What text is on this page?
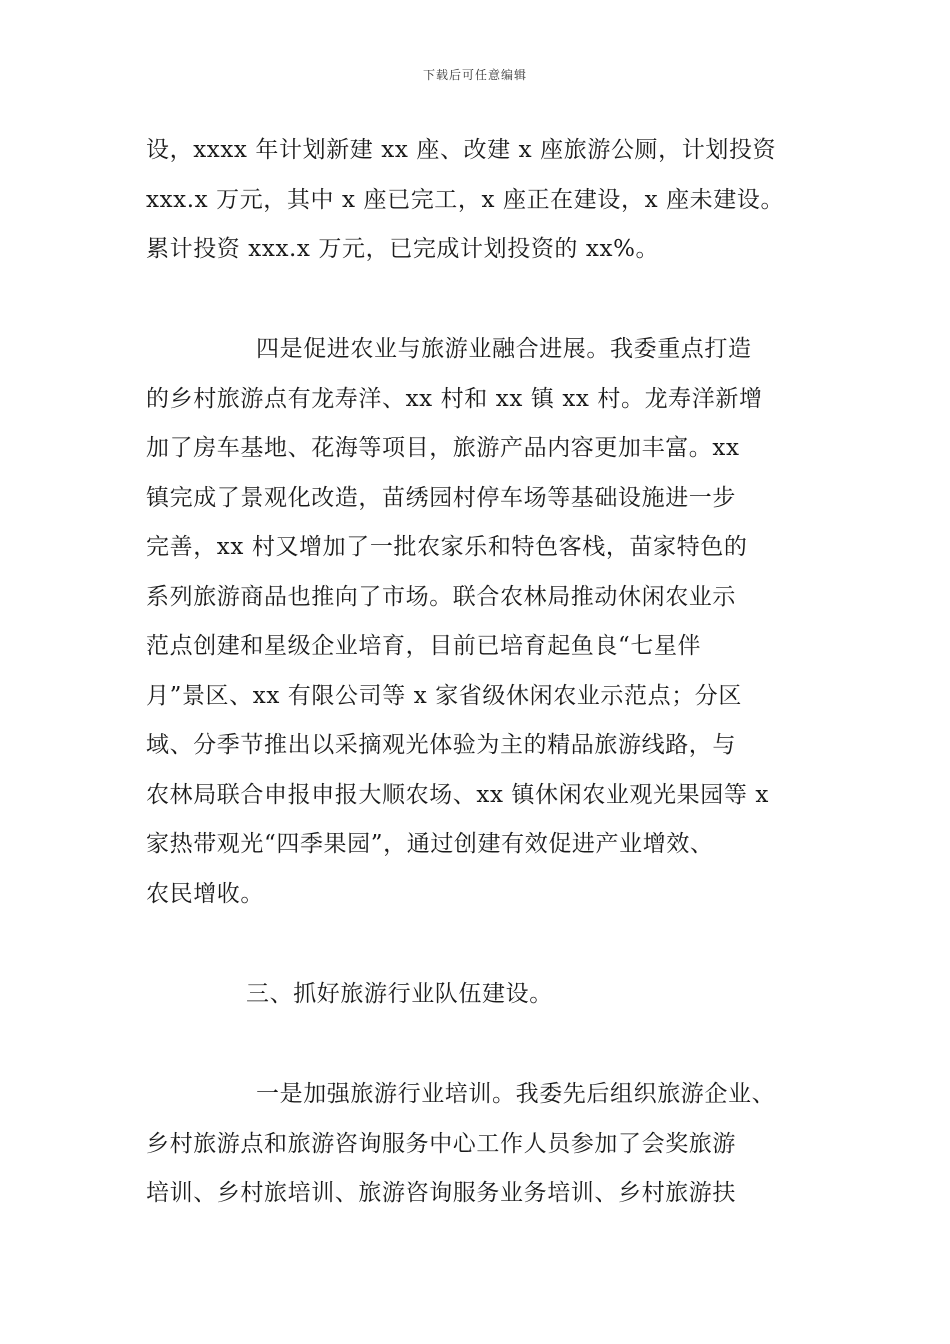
下载后可任意编辑
设，xxxx 年计划新建 xx 座、改建 x 座旅游公厕，计划投资
xxx.x 万元，其中 x 座已完工，x 座正在建设，x 座未建设。
累计投资 xxx.x 万元，已完成计划投资的 xx%。
四是促进农业与旅游业融合进展。我委重点打造
的乡村旅游点有龙寿洋、xx 村和 xx 镇 xx 村。龙寿洋新增
加了房车基地、花海等项目，旅游产品内容更加丰富。xx
镇完成了景观化改造，苗绣园村停车场等基础设施进一步
完善，xx 村又增加了一批农家乐和特色客栈，苗家特色的
系列旅游商品也推向了市场。联合农林局推动休闲农业示
范点创建和星级企业培育，目前已培育起鱼良“七星伴
月”景区、xx 有限公司等 x 家省级休闲农业示范点；分区
域、分季节推出以采摘观光体验为主的精品旅游线路，与
农林局联合申报申报大顺农场、xx 镇休闲农业观光果园等 x
家热带观光“四季果园”，通过创建有效促进产业增效、
农民增收。
三、抓好旅游行业队伍建设。
一是加强旅游行业培训。我委先后组织旅游企业、
乡村旅游点和旅游咨询服务中心工作人员参加了会奖旅游
培训、乡村旅培训、旅游咨询服务业务培训、乡村旅游扶
